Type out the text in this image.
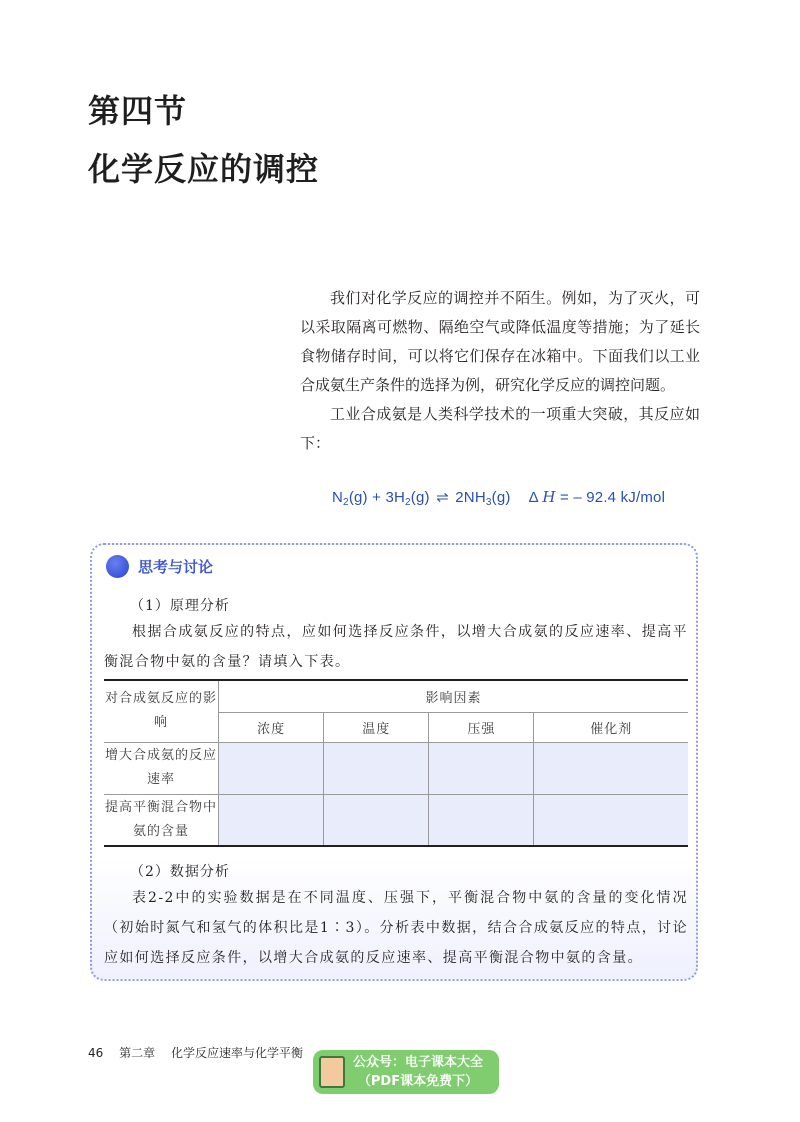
第四节
化学反应的调控

我们对化学反应的调控并不陌生。例如，为了灭火，可以采取隔离可燃物、隔绝空气或降低温度等措施；为了延长食物储存时间，可以将它们保存在冰箱中。下面我们以工业合成氨生产条件的选择为例，研究化学反应的调控问题。

工业合成氨是人类科学技术的一项重大突破，其反应如下：

$N_2(g) + 3H_2(g)$ ⇌ $2NH_3(g)$ Δ H = – 92.4 kJ/mol
思考与讨论
（1）原理分析

根据合成氨反应的特点，应如何选择反应条件，以增大合成氨的反应速率、提高平衡混合物中氨的含量？请填入下表。

对合成氨反应的影响	影响因素			
	浓度	温度	压强	催化剂
增大合成氨的反应速率				
提高平衡混合物中氨的含量				
（2）数据分析

表2-2中的实验数据是在不同温度、压强下，平衡混合物中氨的含量的变化情况（初始时氮气和氢气的体积比是1∶3）。分析表中数据，结合合成氨反应的特点，讨论应如何选择反应条件，以增大合成氨的反应速率、提高平衡混合物中氨的含量。

46 第二章 化学反应速率与化学平衡
公众号：电子课本大全
（PDF课本免费下）
